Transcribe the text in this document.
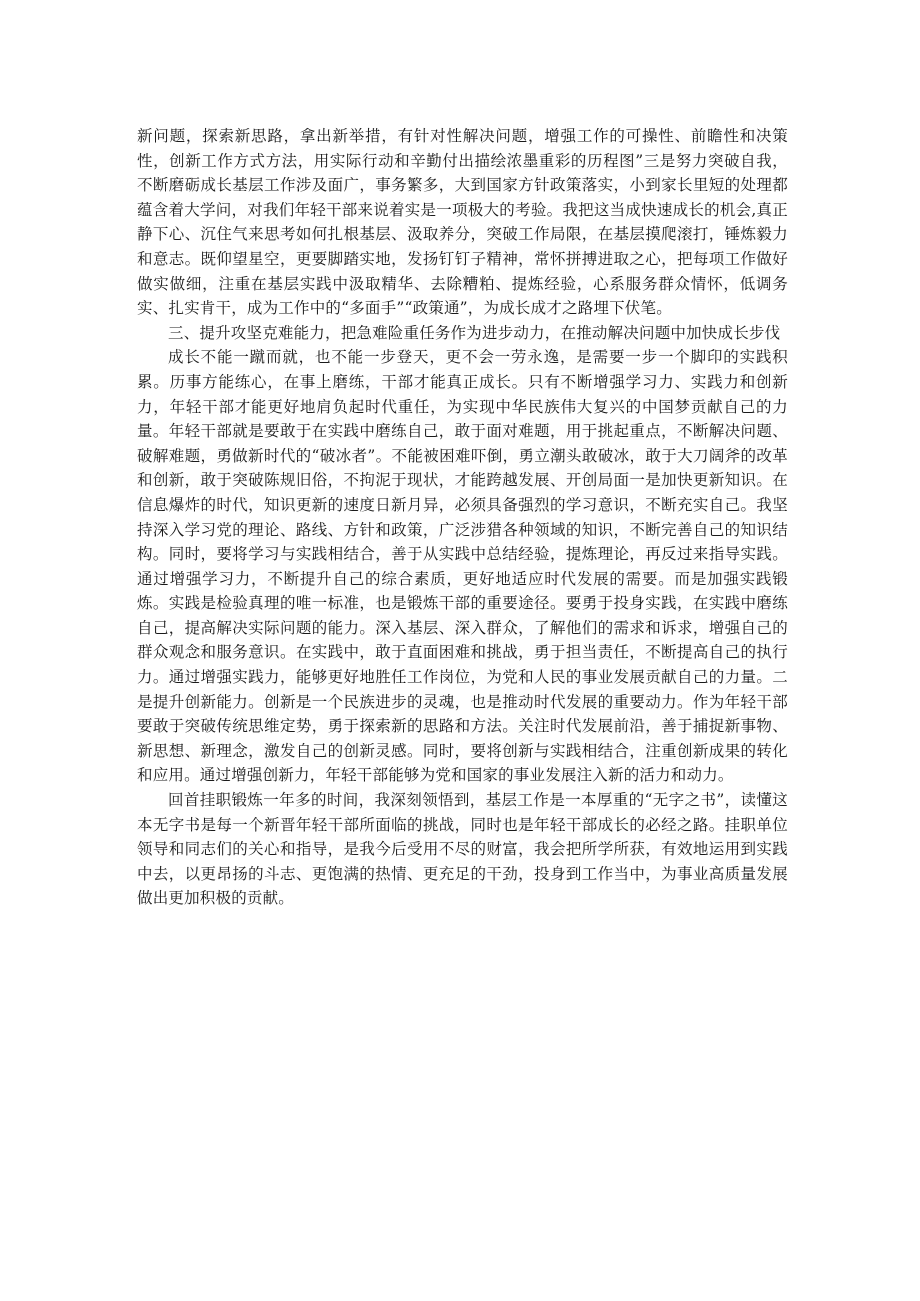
新问题，探索新思路，拿出新举措，有针对性解决问题，增强工作的可操性、前瞻性和决策性，创新工作方式方法，用实际行动和辛勤付出描绘浓墨重彩的历程图”三是努力突破自我，不断磨砺成长基层工作涉及面广，事务繁多，大到国家方针政策落实，小到家长里短的处理都蕴含着大学问，对我们年轻干部来说着实是一项极大的考验。我把这当成快速成长的机会,真正静下心、沉住气来思考如何扎根基层、汲取养分，突破工作局限，在基层摸爬滚打，锤炼毅力和意志。既仰望星空，更要脚踏实地，发扬钉钉子精神，常怀拼搏进取之心，把每项工作做好做实做细，注重在基层实践中汲取精华、去除糟粕、提炼经验，心系服务群众情怀，低调务实、扎实肯干，成为工作中的“多面手”“政策通”，为成长成才之路埋下伏笔。

三、提升攻坚克难能力，把急难险重任务作为进步动力，在推动解决问题中加快成长步伐

成长不能一蹴而就，也不能一步登天，更不会一劳永逸，是需要一步一个脚印的实践积累。历事方能练心，在事上磨练，干部才能真正成长。只有不断增强学习力、实践力和创新力，年轻干部才能更好地肩负起时代重任，为实现中华民族伟大复兴的中国梦贡献自己的力量。年轻干部就是要敢于在实践中磨练自己，敢于面对难题，用于挑起重点，不断解决问题、破解难题，勇做新时代的“破冰者”。不能被困难吓倒，勇立潮头敢破冰，敢于大刀阔斧的改革和创新，敢于突破陈规旧俗，不拘泥于现状，才能跨越发展、开创局面一是加快更新知识。在信息爆炸的时代，知识更新的速度日新月异，必须具备强烈的学习意识，不断充实自己。我坚持深入学习党的理论、路线、方针和政策，广泛涉猎各种领域的知识，不断完善自己的知识结构。同时，要将学习与实践相结合，善于从实践中总结经验，提炼理论，再反过来指导实践。通过增强学习力，不断提升自己的综合素质，更好地适应时代发展的需要。而是加强实践锻炼。实践是检验真理的唯一标准，也是锻炼干部的重要途径。要勇于投身实践，在实践中磨练自己，提高解决实际问题的能力。深入基层、深入群众，了解他们的需求和诉求，增强自己的群众观念和服务意识。在实践中，敢于直面困难和挑战，勇于担当责任，不断提高自己的执行力。通过增强实践力，能够更好地胜任工作岗位，为党和人民的事业发展贡献自己的力量。二是提升创新能力。创新是一个民族进步的灵魂，也是推动时代发展的重要动力。作为年轻干部要敢于突破传统思维定势，勇于探索新的思路和方法。关注时代发展前沿，善于捕捉新事物、新思想、新理念，激发自己的创新灵感。同时，要将创新与实践相结合，注重创新成果的转化和应用。通过增强创新力，年轻干部能够为党和国家的事业发展注入新的活力和动力。

回首挂职锻炼一年多的时间，我深刻领悟到，基层工作是一本厚重的“无字之书”，读懂这本无字书是每一个新晋年轻干部所面临的挑战，同时也是年轻干部成长的必经之路。挂职单位领导和同志们的关心和指导，是我今后受用不尽的财富，我会把所学所获，有效地运用到实践中去，以更昂扬的斗志、更饱满的热情、更充足的干劲，投身到工作当中，为事业高质量发展做出更加积极的贡献。
